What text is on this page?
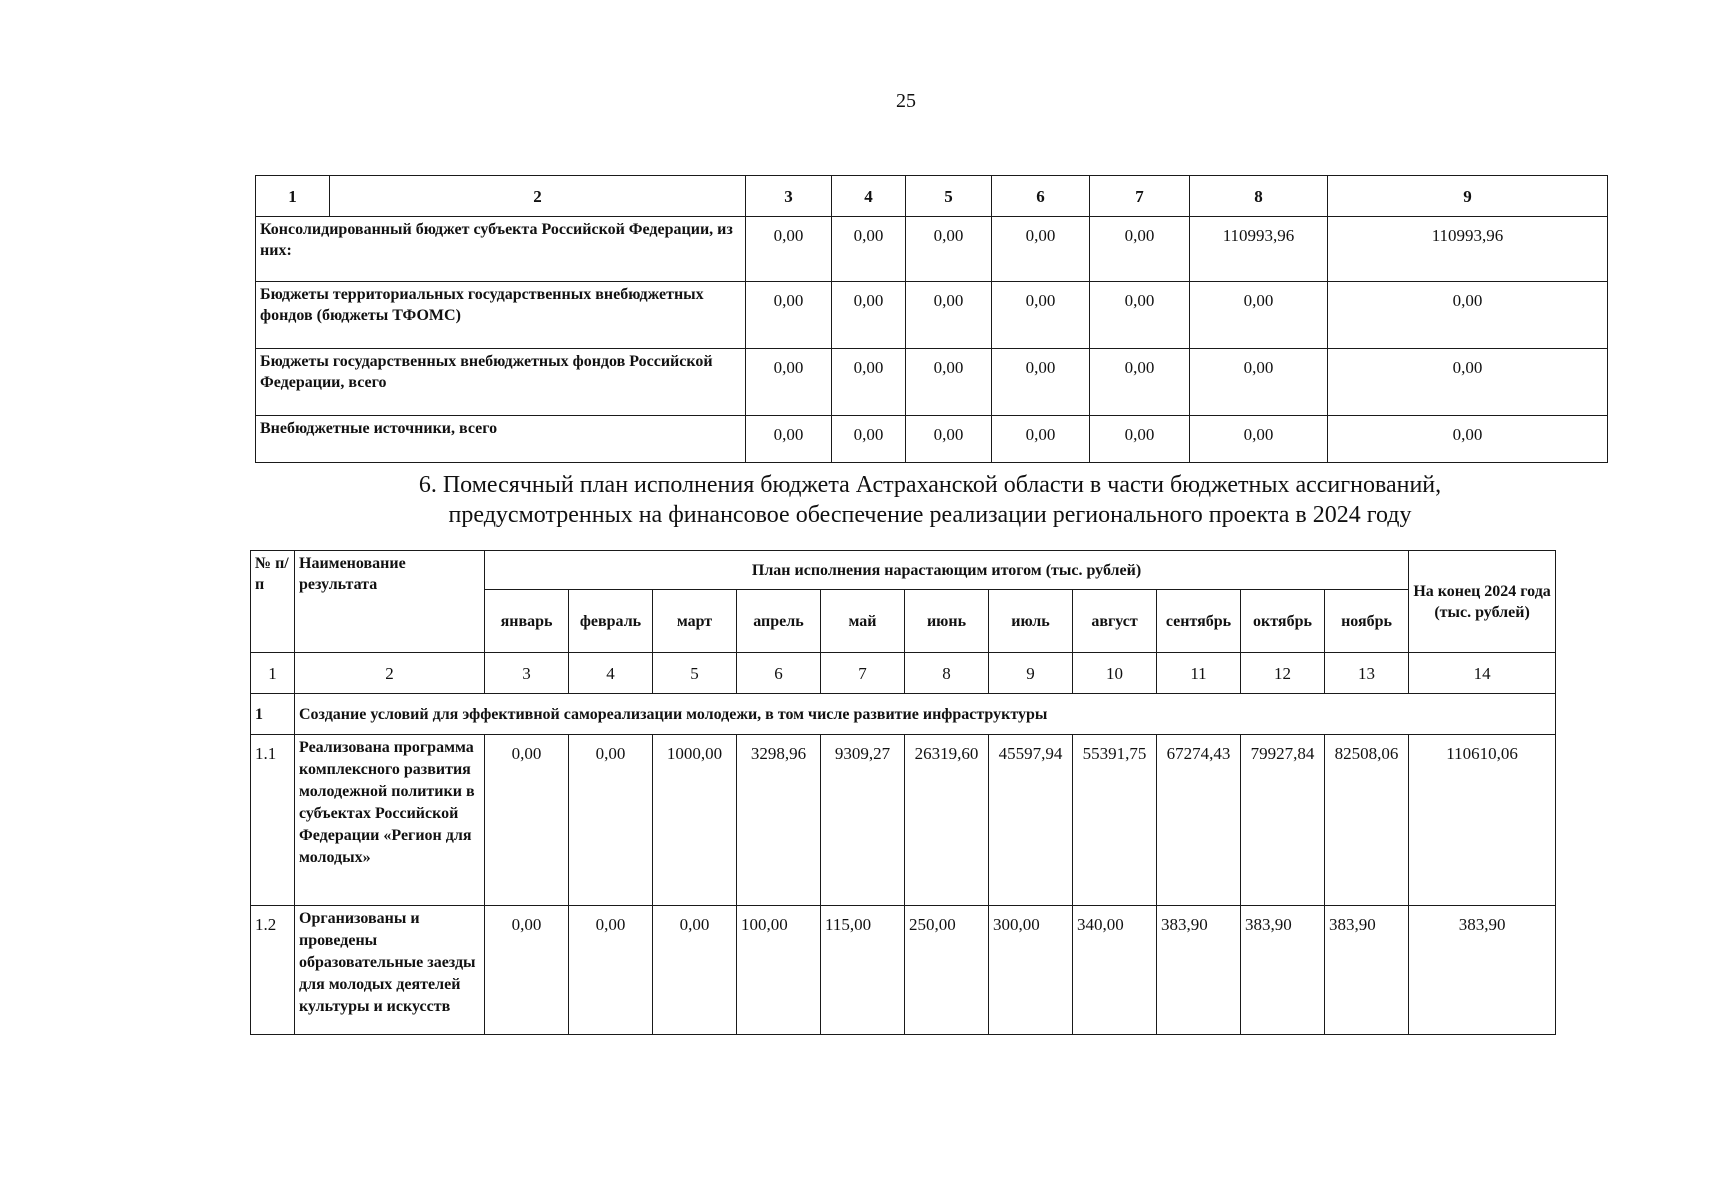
25
1	2	3	4	5	6	7	8	9
Консолидированный бюджет субъекта Российской Федерации, из них:		0,00	0,00	0,00	0,00	0,00	110993,96	110993,96
Бюджеты территориальных государственных внебюджетных фондов (бюджеты ТФОМС)		0,00	0,00	0,00	0,00	0,00	0,00	0,00
Бюджеты государственных внебюджетных фондов Российской Федерации, всего		0,00	0,00	0,00	0,00	0,00	0,00	0,00
Внебюджетные источники, всего		0,00	0,00	0,00	0,00	0,00	0,00	0,00
6. Помесячный план исполнения бюджета Астраханской области в части бюджетных ассигнований,
предусмотренных на финансовое обеспечение реализации регионального проекта в 2024 году
№ п/п	Наименование результата	План исполнения нарастающим итогом (тыс. рублей)											На конец 2024 года (тыс. рублей)
		январь	февраль	март	апрель	май	июнь	июль	август	сентябрь	октябрь	ноябрь	
1	2	3	4	5	6	7	8	9	10	11	12	13	14
1	Создание условий для эффективной самореализации молодежи, в том числе развитие инфраструктуры												
1.1	Реализована программа комплексного развития молодежной политики в субъектах Российской Федерации «Регион для молодых»	0,00	0,00	1000,00	3298,96	9309,27	26319,60	45597,94	55391,75	67274,43	79927,84	82508,06	110610,06
1.2	Организованы и проведены образовательные заезды для молодых деятелей культуры и искусств	0,00	0,00	0,00	100,00	115,00	250,00	300,00	340,00	383,90	383,90	383,90	383,90
